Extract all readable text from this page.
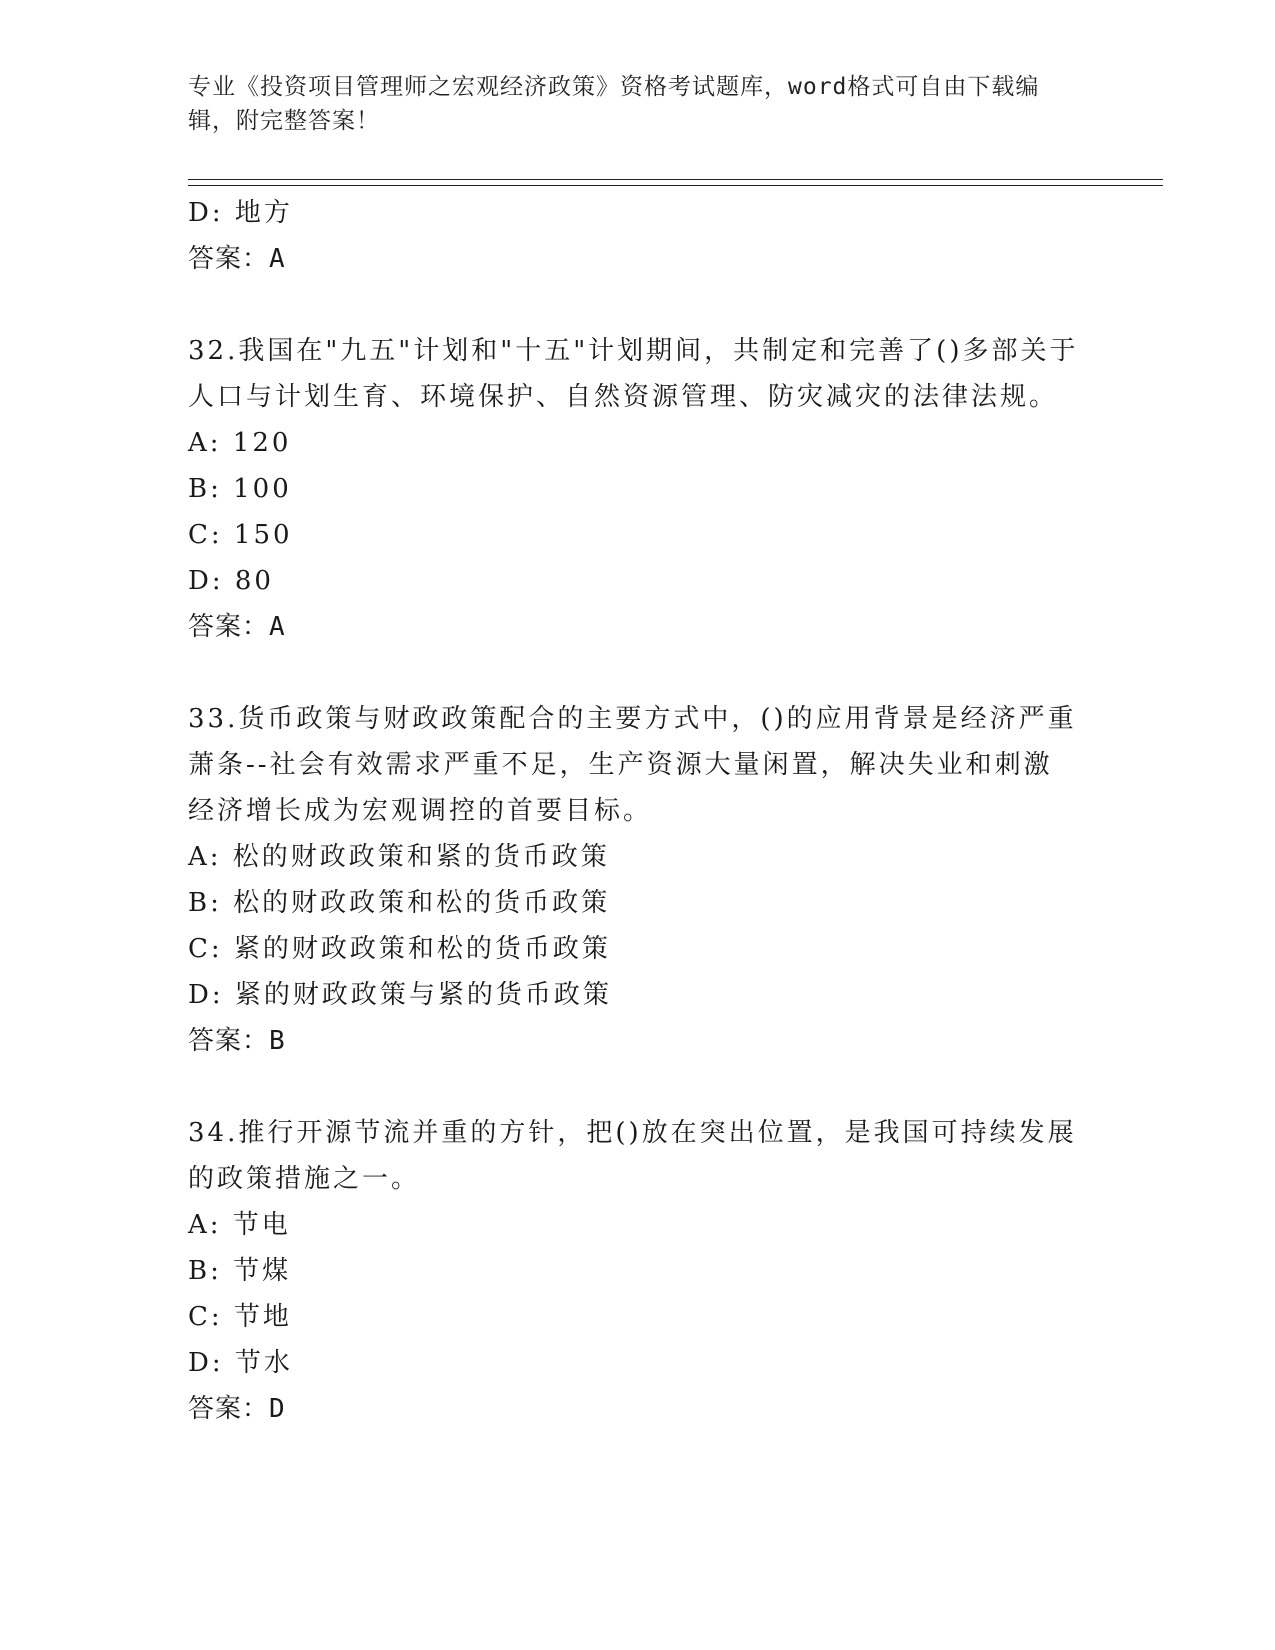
专业《投资项目管理师之宏观经济政策》资格考试题库，word格式可自由下载编
辑，附完整答案！
D: 地方
答案：A
32.我国在"九五"计划和"十五"计划期间，共制定和完善了()多部关于
人口与计划生育、环境保护、自然资源管理、防灾减灾的法律法规。
A: 120
B: 100
C: 150
D: 80
答案：A
33.货币政策与财政政策配合的主要方式中，()的应用背景是经济严重
萧条--社会有效需求严重不足，生产资源大量闲置，解决失业和刺激
经济增长成为宏观调控的首要目标。
A: 松的财政政策和紧的货币政策
B: 松的财政政策和松的货币政策
C: 紧的财政政策和松的货币政策
D: 紧的财政政策与紧的货币政策
答案：B
34.推行开源节流并重的方针，把()放在突出位置，是我国可持续发展
的政策措施之一。
A: 节电
B: 节煤
C: 节地
D: 节水
答案：D
